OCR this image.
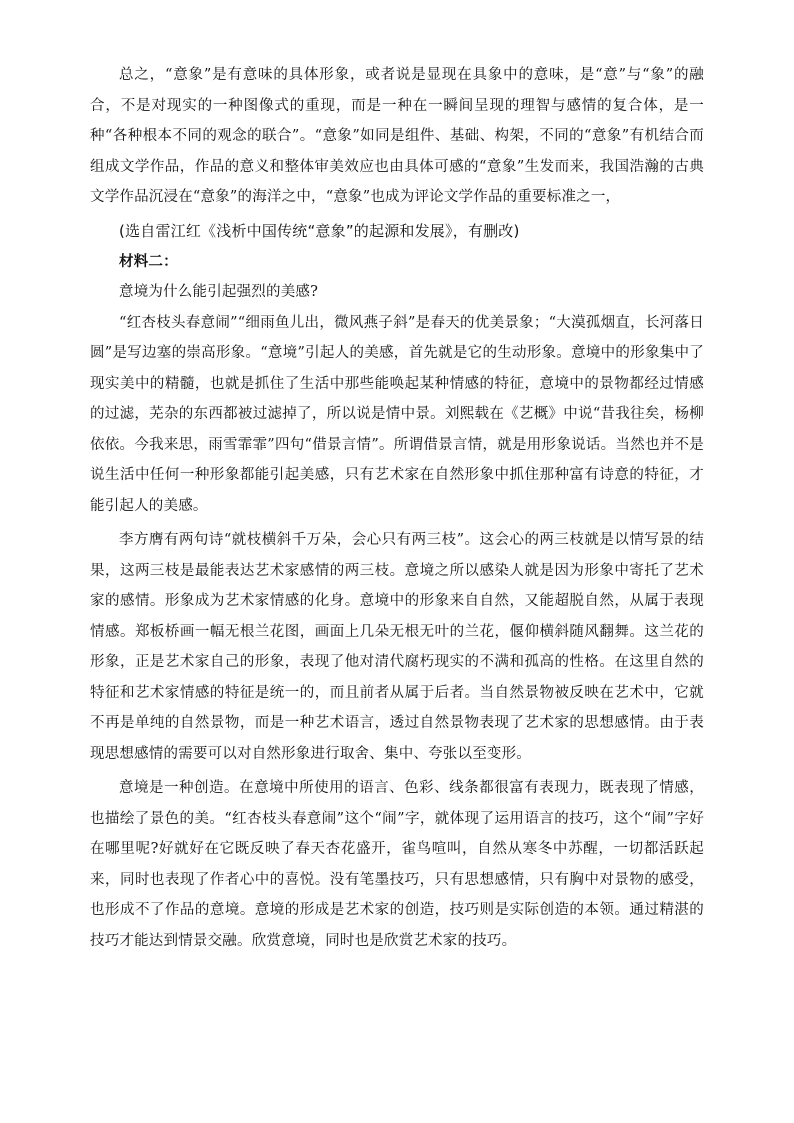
总之，“意象”是有意味的具体形象，或者说是显现在具象中的意味，是“意”与“象”的融合，不是对现实的一种图像式的重现，而是一种在一瞬间呈现的理智与感情的复合体，是一种“各种根本不同的观念的联合”。“意象”如同是组件、基础、构架，不同的“意象”有机结合而组成文学作品，作品的意义和整体审美效应也由具体可感的“意象”生发而来，我国浩瀚的古典文学作品沉浸在“意象”的海洋之中，“意象”也成为评论文学作品的重要标准之一，

(选自雷江红《浅析中国传统“意象”的起源和发展》，有删改)

材料二：

意境为什么能引起强烈的美感?

“红杏枝头春意闹”“细雨鱼儿出，微风燕子斜”是春天的优美景象；“大漠孤烟直，长河落日圆”是写边塞的崇高形象。“意境”引起人的美感，首先就是它的生动形象。意境中的形象集中了现实美中的精髓，也就是抓住了生活中那些能唤起某种情感的特征，意境中的景物都经过情感的过滤，芜杂的东西都被过滤掉了，所以说是情中景。刘熙载在《艺概》中说“昔我往矣，杨柳依依。今我来思，雨雪霏霏”四句“借景言情”。所谓借景言情，就是用形象说话。当然也并不是说生活中任何一种形象都能引起美感，只有艺术家在自然形象中抓住那种富有诗意的特征，才能引起人的美感。

李方膺有两句诗“就枝横斜千万朵，会心只有两三枝”。这会心的两三枝就是以情写景的结果，这两三枝是最能表达艺术家感情的两三枝。意境之所以感染人就是因为形象中寄托了艺术家的感情。形象成为艺术家情感的化身。意境中的形象来自自然，又能超脱自然，从属于表现情感。郑板桥画一幅无根兰花图，画面上几朵无根无叶的兰花，偃仰横斜随风翻舞。这兰花的形象，正是艺术家自己的形象，表现了他对清代腐朽现实的不满和孤高的性格。在这里自然的特征和艺术家情感的特征是统一的，而且前者从属于后者。当自然景物被反映在艺术中，它就不再是单纯的自然景物，而是一种艺术语言，透过自然景物表现了艺术家的思想感情。由于表现思想感情的需要可以对自然形象进行取舍、集中、夸张以至变形。

意境是一种创造。在意境中所使用的语言、色彩、线条都很富有表现力，既表现了情感，也描绘了景色的美。“红杏枝头春意闹”这个“闹”字，就体现了运用语言的技巧，这个“闹”字好在哪里呢?好就好在它既反映了春天杏花盛开，雀鸟喧叫，自然从寒冬中苏醒，一切都活跃起来，同时也表现了作者心中的喜悦。没有笔墨技巧，只有思想感情，只有胸中对景物的感受，也形成不了作品的意境。意境的形成是艺术家的创造，技巧则是实际创造的本领。通过精湛的技巧才能达到情景交融。欣赏意境，同时也是欣赏艺术家的技巧。
